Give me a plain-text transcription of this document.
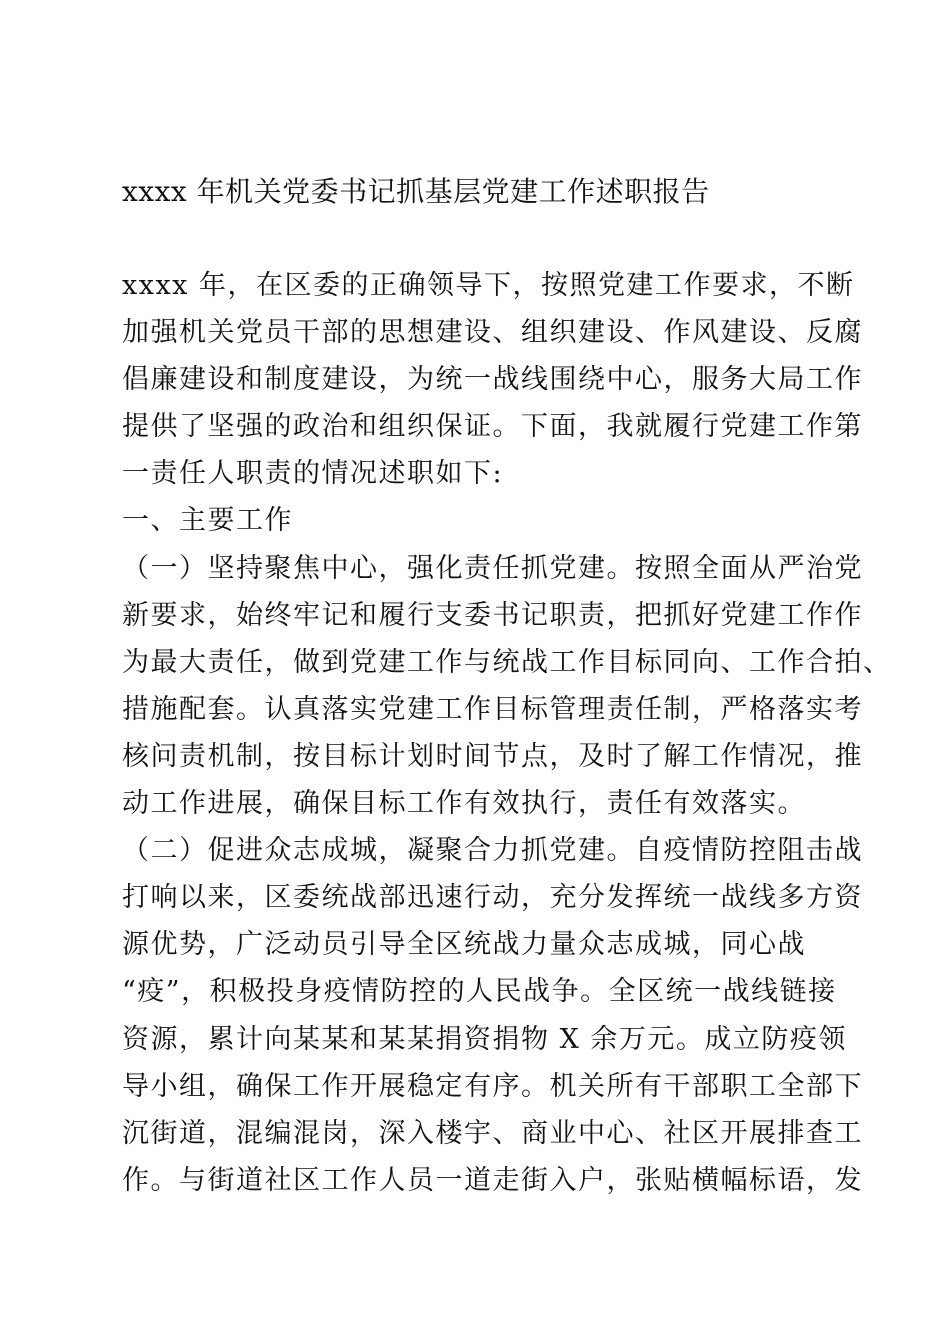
xxxx 年机关党委书记抓基层党建工作述职报告
xxxx 年，在区委的正确领导下，按照党建工作要求，不断
加强机关党员干部的思想建设、组织建设、作风建设、反腐
倡廉建设和制度建设，为统一战线围绕中心，服务大局工作
提供了坚强的政治和组织保证。下面，我就履行党建工作第
一责任人职责的情况述职如下:
一、主要工作
（一）坚持聚焦中心，强化责任抓党建。按照全面从严治党
新要求，始终牢记和履行支委书记职责，把抓好党建工作作
为最大责任，做到党建工作与统战工作目标同向、工作合拍、
措施配套。认真落实党建工作目标管理责任制，严格落实考
核问责机制，按目标计划时间节点，及时了解工作情况，推
动工作进展，确保目标工作有效执行，责任有效落实。
（二）促进众志成城，凝聚合力抓党建。自疫情防控阻击战
打响以来，区委统战部迅速行动，充分发挥统一战线多方资
源优势，广泛动员引导全区统战力量众志成城，同心战
“疫”，积极投身疫情防控的人民战争。全区统一战线链接
资源，累计向某某和某某捐资捐物 X 余万元。成立防疫领
导小组，确保工作开展稳定有序。机关所有干部职工全部下
沉街道，混编混岗，深入楼宇、商业中心、社区开展排查工
作。与街道社区工作人员一道走街入户，张贴横幅标语，发
